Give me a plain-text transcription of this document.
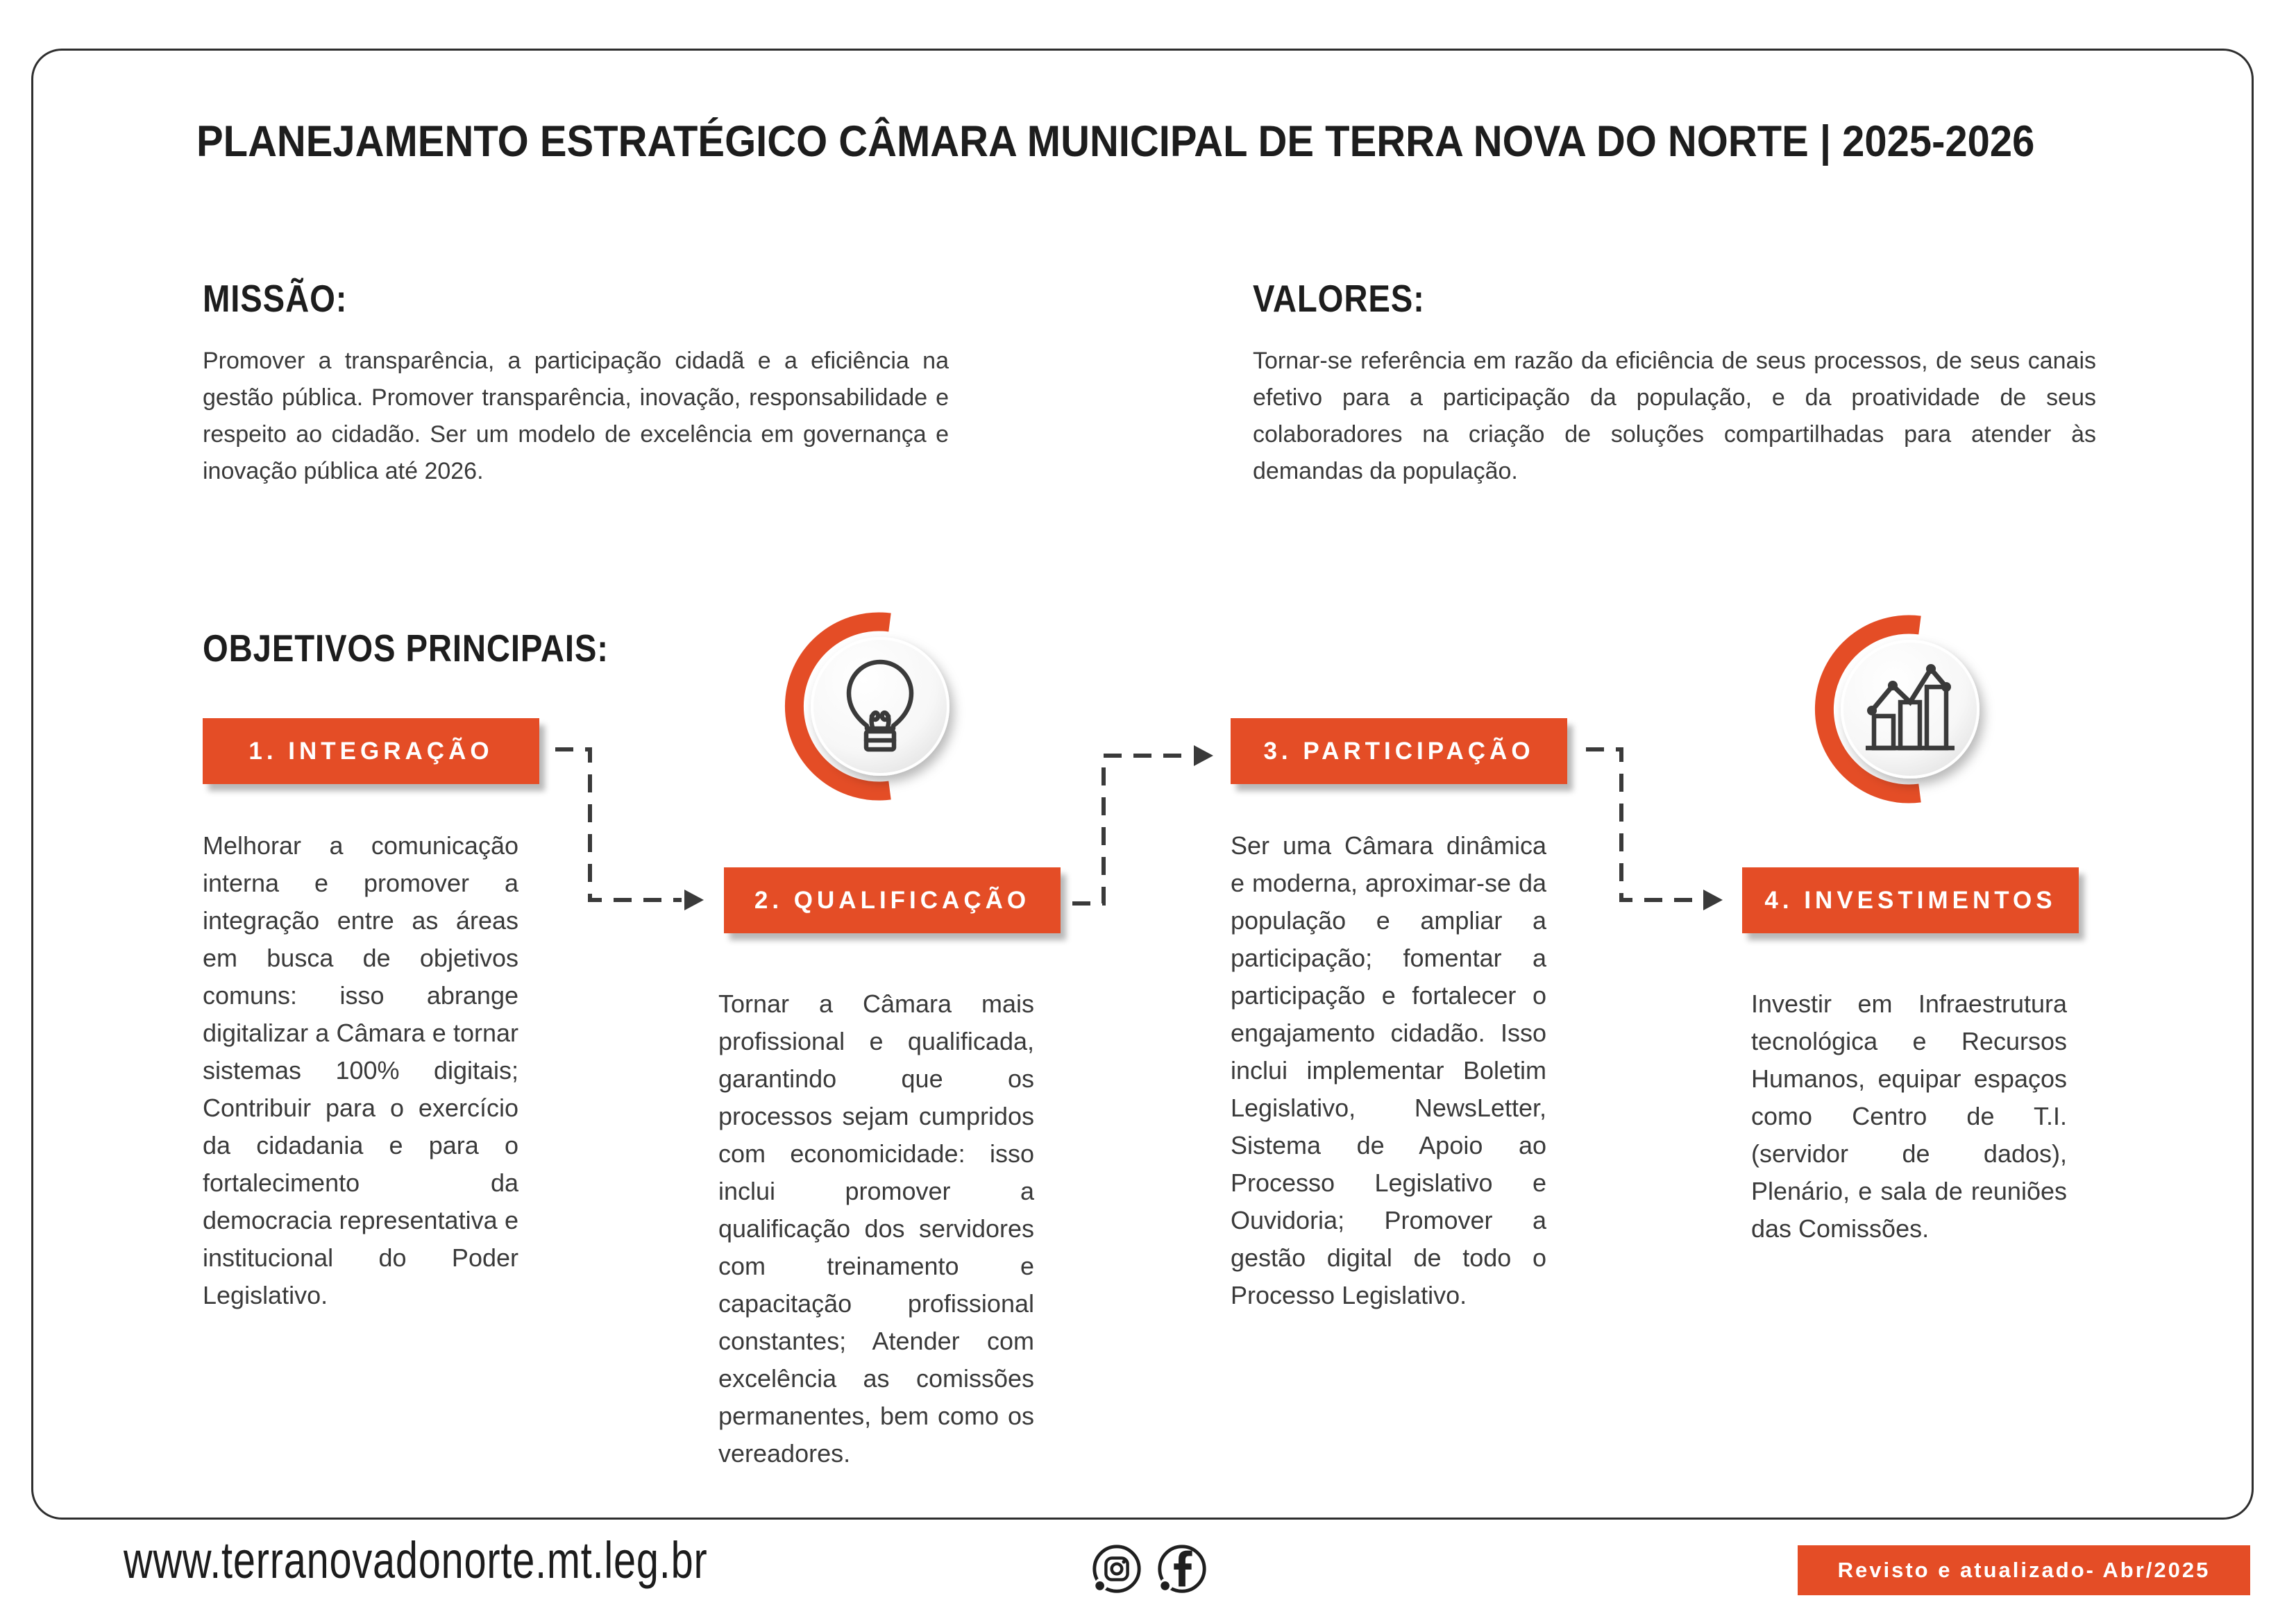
PLANEJAMENTO ESTRATÉGICO CÂMARA MUNICIPAL DE TERRA NOVA DO NORTE | 2025-2026
MISSÃO:
Promover a transparência, a participação cidadã e a eficiência na gestão pública. Promover transparência, inovação, responsabilidade e respeito ao cidadão. Ser um modelo de excelência em governança e inovação pública até 2026.
VALORES:
Tornar-se referência em razão da eficiência de seus processos, de seus canais efetivo para a participação da população, e da proatividade de seus colaboradores na criação de soluções compartilhadas para atender às demandas da população.
OBJETIVOS PRINCIPAIS:
1. INTEGRAÇÃO
Melhorar a comunicação interna e promover a integração entre as áreas em busca de objetivos comuns: isso abrange digitalizar a Câmara e tornar sistemas 100% digitais; Contribuir para o exercício da cidadania e para o fortalecimento da democracia representativa e institucional do Poder Legislativo.
2. QUALIFICAÇÃO
Tornar a Câmara mais profissional e qualificada, garantindo que os processos sejam cumpridos com economicidade: isso inclui promover a qualificação dos servidores com treinamento e capacitação profissional constantes; Atender com excelência as comissões permanentes, bem como os vereadores.
3. PARTICIPAÇÃO
Ser uma Câmara dinâmica e moderna, aproximar-se da população e ampliar a participação; fomentar a participação e fortalecer o engajamento cidadão. Isso inclui implementar Boletim Legislativo, NewsLetter, Sistema de Apoio ao Processo Legislativo e Ouvidoria; Promover a gestão digital de todo o Processo Legislativo.
4. INVESTIMENTOS
Investir em Infraestrutura tecnológica e Recursos Humanos, equipar espaços como Centro de T.I. (servidor de dados), Plenário, e sala de reuniões das Comissões.
www.terranovadonorte.mt.leg.br	Revisto e atualizado- Abr/2025
